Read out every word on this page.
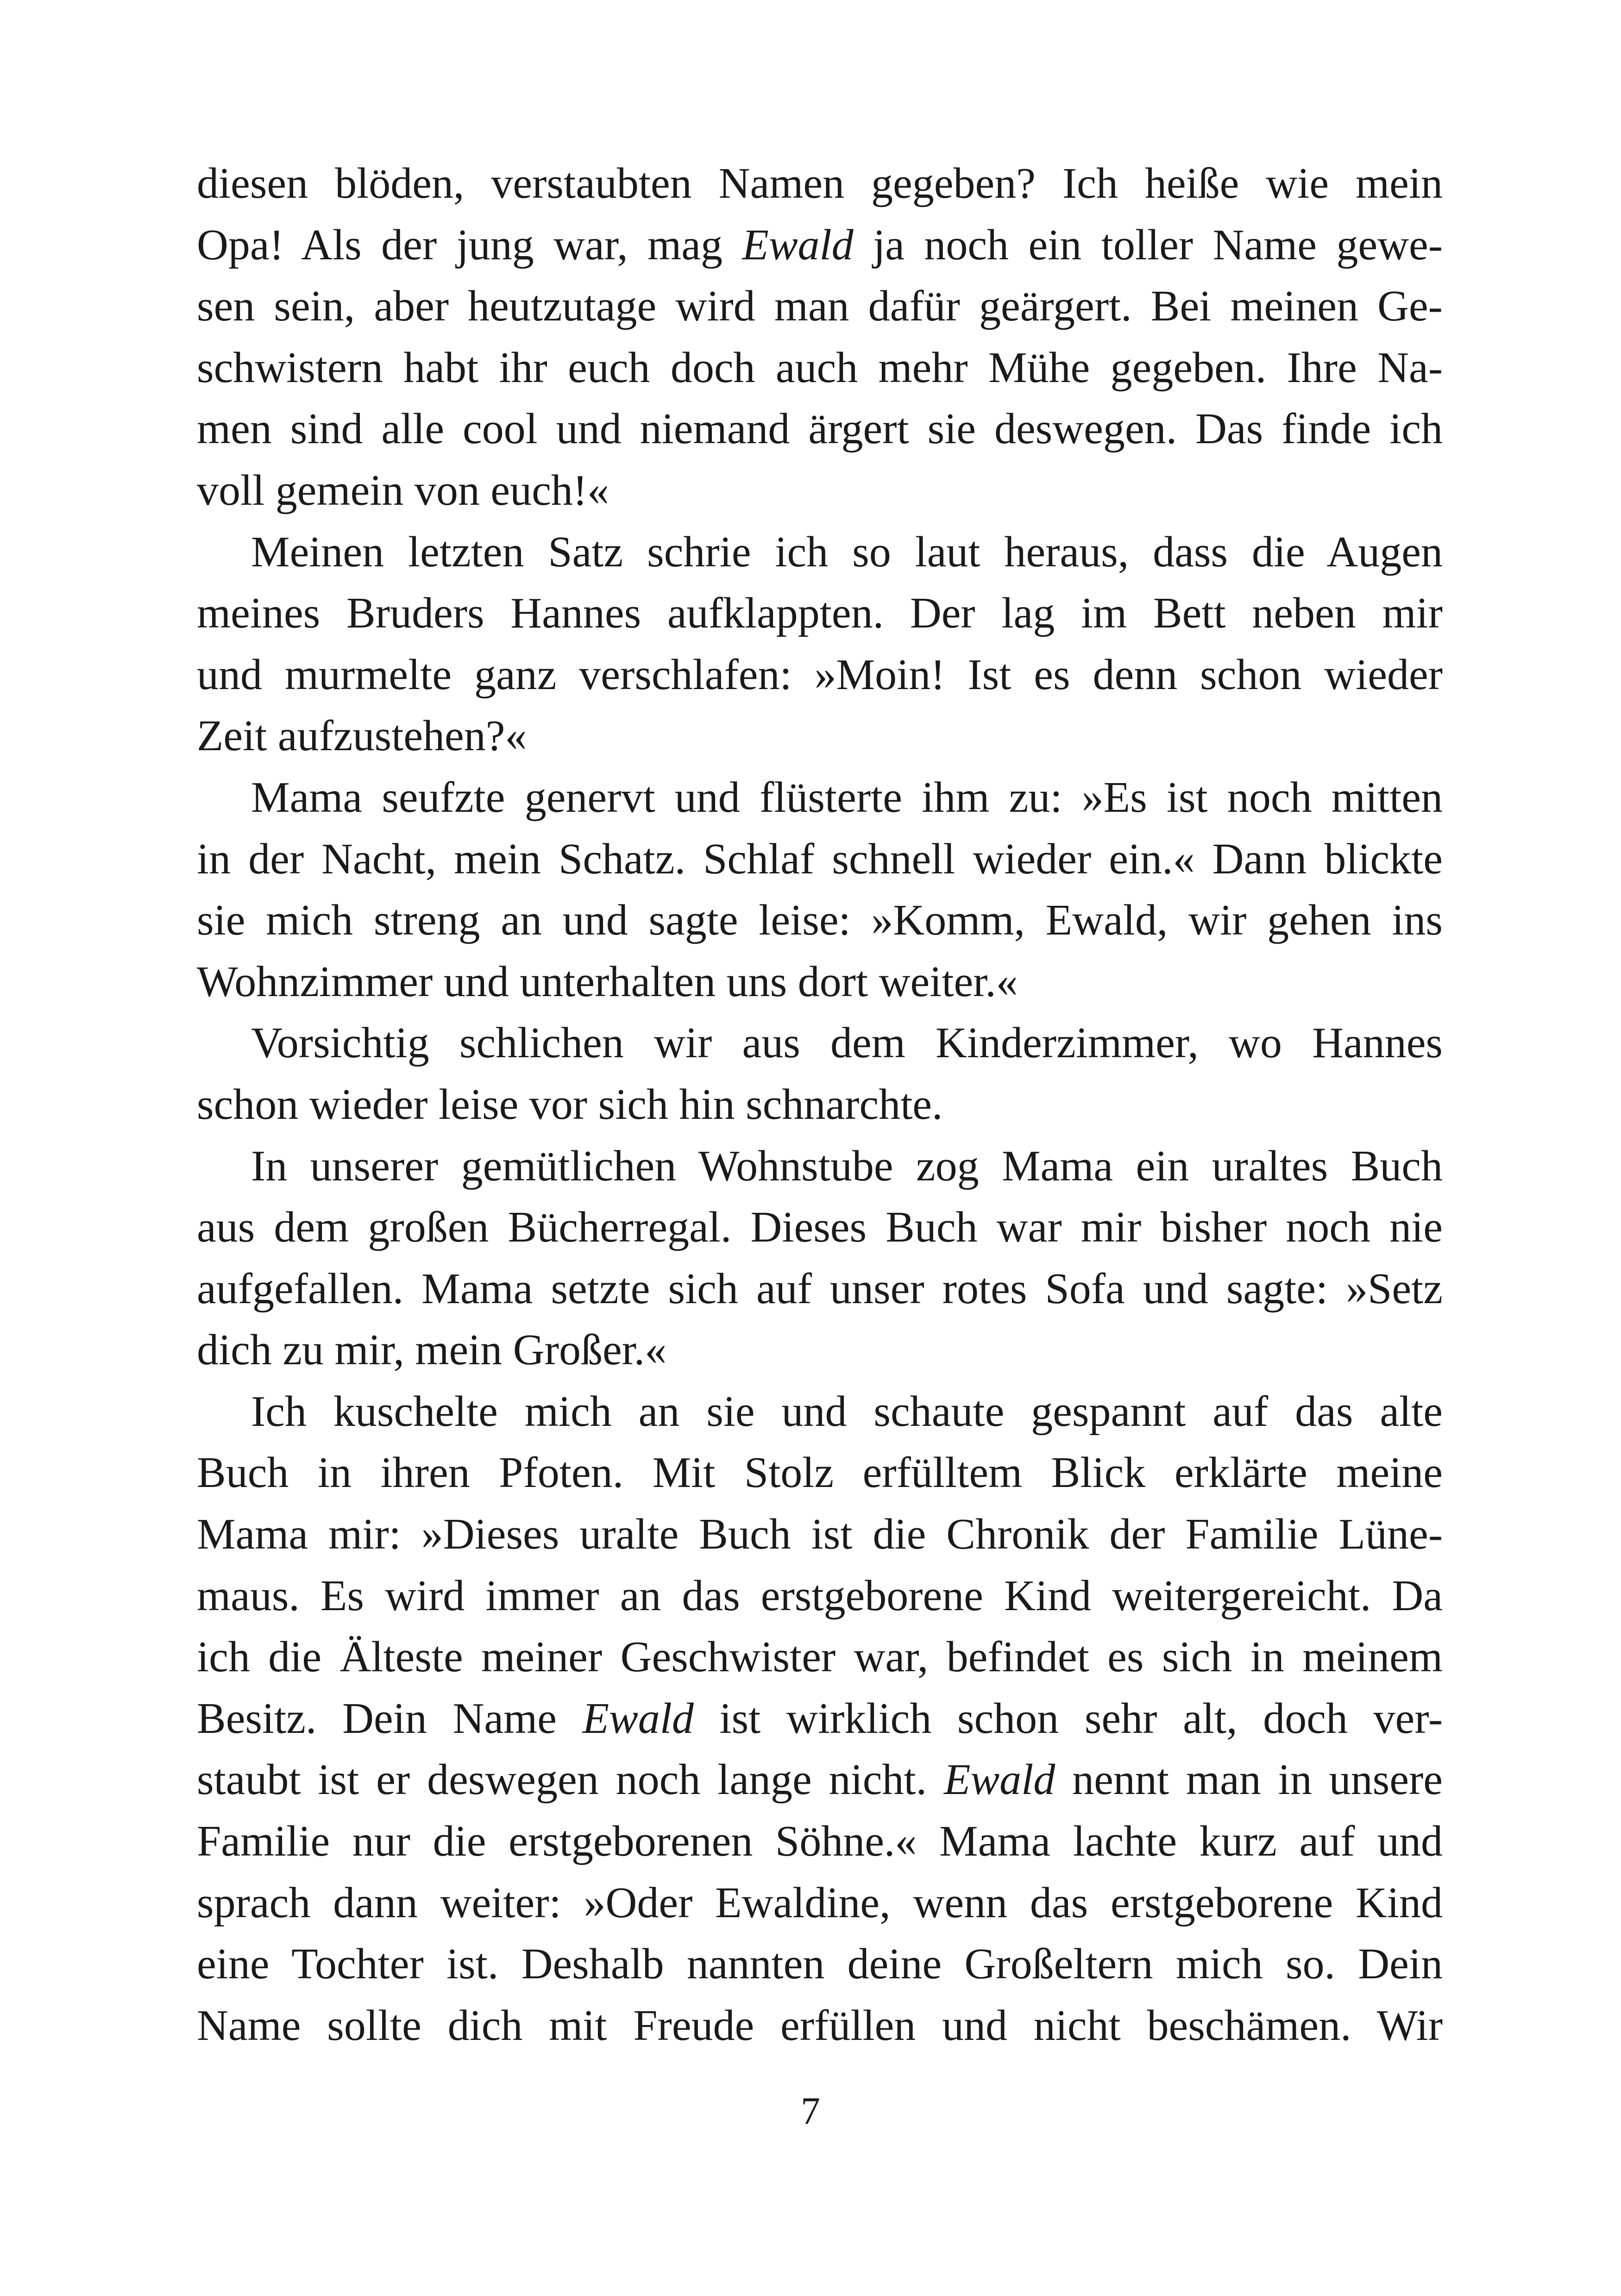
diesen blöden, verstaubten Namen gegeben? Ich heiße wie mein
Opa! Als der jung war, mag Ewald ja noch ein toller Name gewe-
sen sein, aber heutzutage wird man dafür geärgert. Bei meinen Ge-
schwistern habt ihr euch doch auch mehr Mühe gegeben. Ihre Na-
men sind alle cool und niemand ärgert sie deswegen. Das finde ich
voll gemein von euch!«
Meinen letzten Satz schrie ich so laut heraus, dass die Augen
meines Bruders Hannes aufklappten. Der lag im Bett neben mir
und murmelte ganz verschlafen: »Moin! Ist es denn schon wieder
Zeit aufzustehen?«
Mama seufzte genervt und flüsterte ihm zu: »Es ist noch mitten
in der Nacht, mein Schatz. Schlaf schnell wieder ein.« Dann blickte
sie mich streng an und sagte leise: »Komm, Ewald, wir gehen ins
Wohnzimmer und unterhalten uns dort weiter.«
Vorsichtig schlichen wir aus dem Kinderzimmer, wo Hannes
schon wieder leise vor sich hin schnarchte.
In unserer gemütlichen Wohnstube zog Mama ein uraltes Buch
aus dem großen Bücherregal. Dieses Buch war mir bisher noch nie
aufgefallen. Mama setzte sich auf unser rotes Sofa und sagte: »Setz
dich zu mir, mein Großer.«
Ich kuschelte mich an sie und schaute gespannt auf das alte
Buch in ihren Pfoten. Mit Stolz erfülltem Blick erklärte meine
Mama mir: »Dieses uralte Buch ist die Chronik der Familie Lüne-
maus. Es wird immer an das erstgeborene Kind weitergereicht. Da
ich die Älteste meiner Geschwister war, befindet es sich in meinem
Besitz. Dein Name Ewald ist wirklich schon sehr alt, doch ver-
staubt ist er deswegen noch lange nicht. Ewald nennt man in unsere
Familie nur die erstgeborenen Söhne.« Mama lachte kurz auf und
sprach dann weiter: »Oder Ewaldine, wenn das erstgeborene Kind
eine Tochter ist. Deshalb nannten deine Großeltern mich so. Dein
Name sollte dich mit Freude erfüllen und nicht beschämen. Wir
7
